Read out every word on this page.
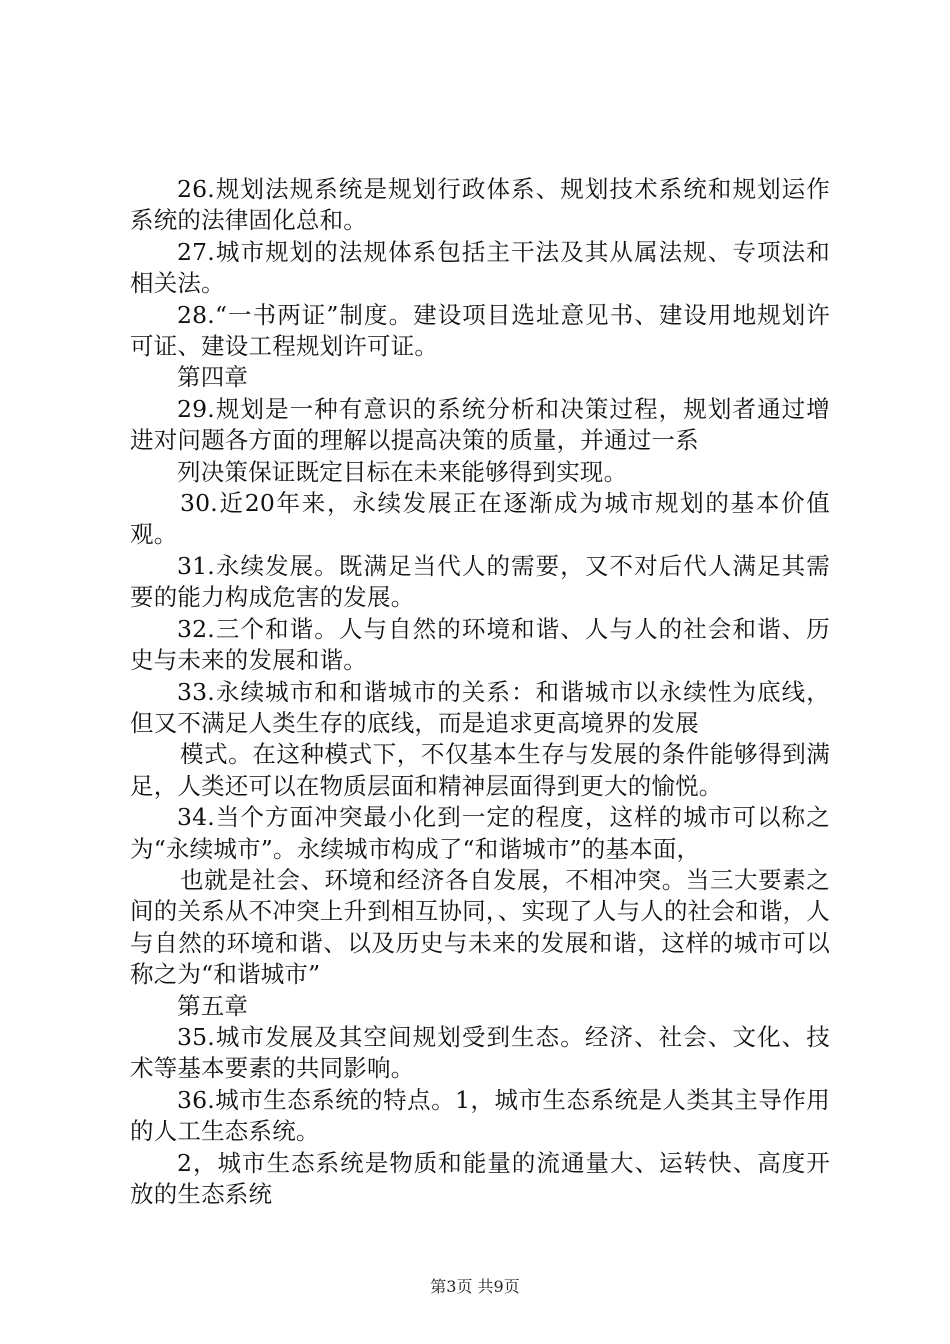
26.规划法规系统是规划行政体系、规划技术系统和规划运作系统的法律固化总和。

27.城市规划的法规体系包括主干法及其从属法规、专项法和相关法。

28.“一书两证”制度。建设项目选址意见书、建设用地规划许可证、建设工程规划许可证。

第四章

29.规划是一种有意识的系统分析和决策过程，规划者通过增进对问题各方面的理解以提高决策的质量，并通过一系

列决策保证既定目标在未来能够得到实现。

30.近20年来，永续发展正在逐渐成为城市规划的基本价值观。

31.永续发展。既满足当代人的需要，又不对后代人满足其需要的能力构成危害的发展。

32.三个和谐。人与自然的环境和谐、人与人的社会和谐、历史与未来的发展和谐。

33.永续城市和和谐城市的关系：和谐城市以永续性为底线，但又不满足人类生存的底线，而是追求更高境界的发展

模式。在这种模式下，不仅基本生存与发展的条件能够得到满足，人类还可以在物质层面和精神层面得到更大的愉悦。

34.当个方面冲突最小化到一定的程度，这样的城市可以称之为“永续城市”。永续城市构成了“和谐城市”的基本面，

也就是社会、环境和经济各自发展，不相冲突。当三大要素之间的关系从不冲突上升到相互协同，、实现了人与人的社会和谐，人与自然的环境和谐、以及历史与未来的发展和谐，这样的城市可以称之为“和谐城市”

第五章

35.城市发展及其空间规划受到生态。经济、社会、文化、技术等基本要素的共同影响。

36.城市生态系统的特点。1，城市生态系统是人类其主导作用的人工生态系统。

2，城市生态系统是物质和能量的流通量大、运转快、高度开放的生态系统

第3页 共9页
